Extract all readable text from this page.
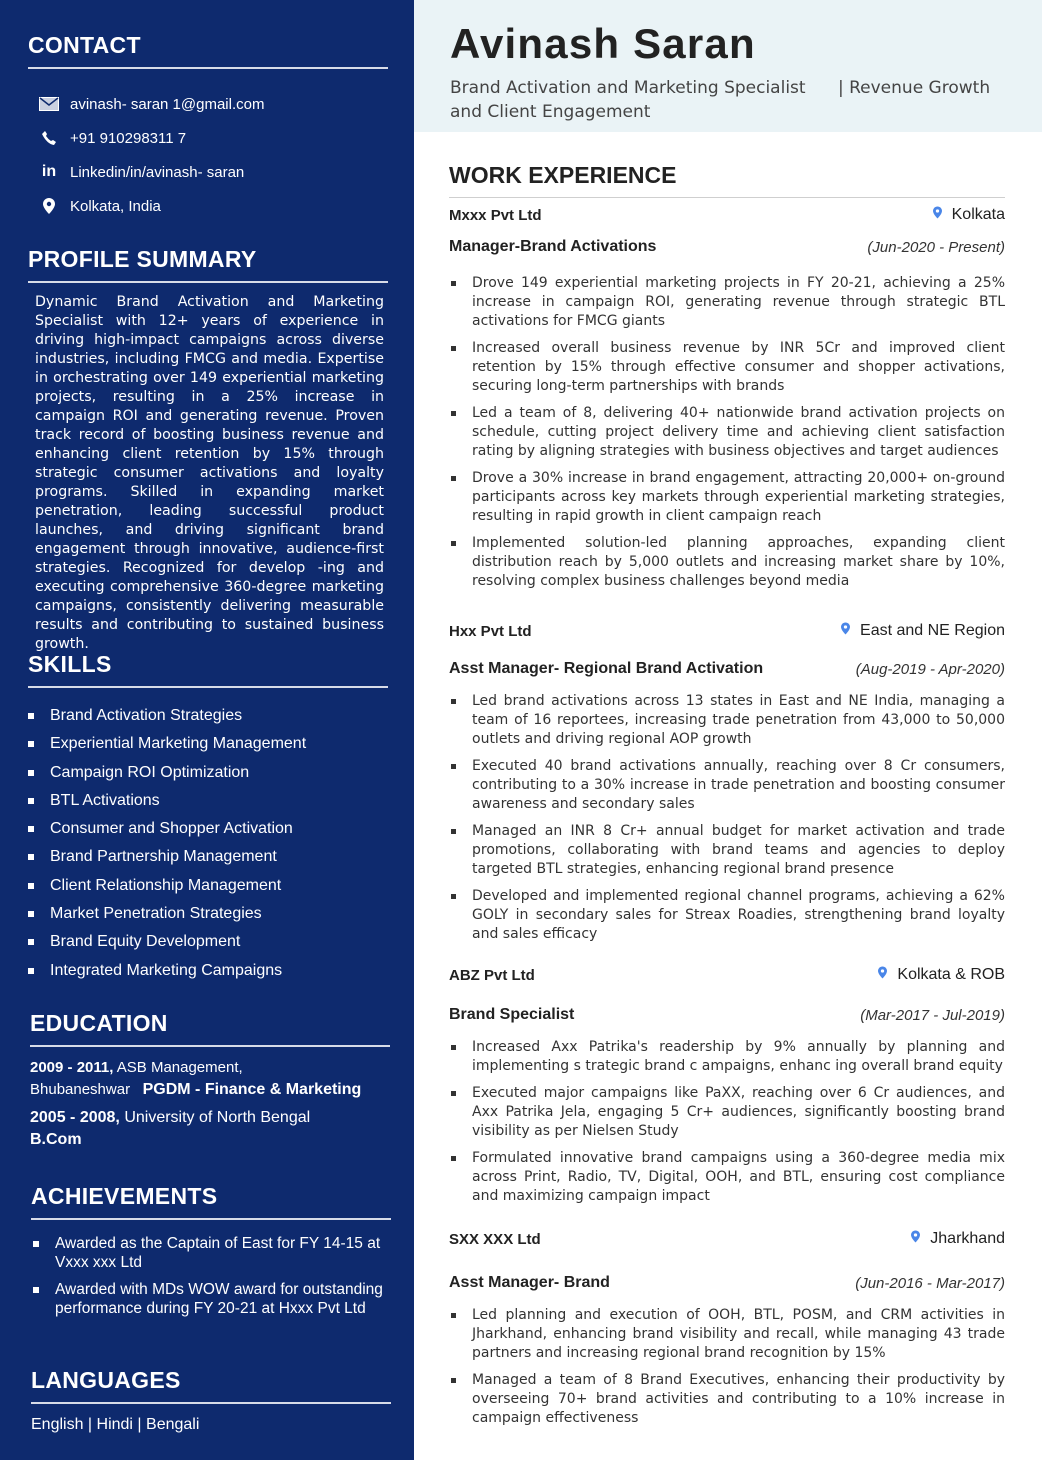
CONTACT
avinash- saran 1@gmail.com
+91 910298311 7
in Linkedin/in/avinash- saran
Kolkata, India
PROFILE SUMMARY

Dynamic Brand Activation and Marketing Specialist with 12+ years of experience in driving high-impact campaigns across diverse industries, including FMCG and media. Expertise in orchestrating over 149 experiential marketing projects, resulting in a 25% increase in campaign ROI and generating revenue. Proven track record of boosting business revenue and enhancing client retention by 15% through strategic consumer activations and loyalty programs. Skilled in expanding market penetration, leading successful product launches, and driving significant brand engagement through innovative, audience-first strategies. Recognized for develop -ing and executing comprehensive 360-degree marketing campaigns, consistently delivering measurable results and contributing to sustained business growth.

SKILLS
Brand Activation Strategies
Experiential Marketing Management
Campaign ROI Optimization
BTL Activations
Consumer and Shopper Activation
Brand Partnership Management
Client Relationship Management
Market Penetration Strategies
Brand Equity Development
Integrated Marketing Campaigns
EDUCATION
2009 - 2011, ASB Management,
Bhubaneshwar PGDM - Finance & Marketing
2005 - 2008, University of North Bengal
B.Com
ACHIEVEMENTS
Awarded as the Captain of East for FY 14-15 at Vxxx xxx Ltd
Awarded with MDs WOW award for outstanding performance during FY 20-21 at Hxxx Pvt Ltd
LANGUAGES

English | Hindi | Bengali

Avinash Saran

Brand Activation and Marketing Specialist      | Revenue Growth and Client Engagement

WORK EXPERIENCE
Mxxx Pvt Ltd	Kolkata
Manager-Brand Activations	(Jun-2020 - Present)
Drove 149 experiential marketing projects in FY 20-21, achieving a 25% increase in campaign ROI, generating revenue through strategic BTL activations for FMCG giants
Increased overall business revenue by INR 5Cr and improved client retention by 15% through effective consumer and shopper activations, securing long-term partnerships with brands
Led a team of 8, delivering 40+ nationwide brand activation projects on schedule, cutting project delivery time and achieving client satisfaction rating by aligning strategies with business objectives and target audiences
Drove a 30% increase in brand engagement, attracting 20,000+ on-ground participants across key markets through experiential marketing strategies, resulting in rapid growth in client campaign reach
Implemented solution-led planning approaches, expanding client distribution reach by 5,000 outlets and increasing market share by 10%, resolving complex business challenges beyond media
Hxx Pvt Ltd	East and NE Region
Asst Manager- Regional Brand Activation	(Aug-2019 - Apr-2020)
Led brand activations across 13 states in East and NE India, managing a team of 16 reportees, increasing trade penetration from 43,000 to 50,000 outlets and driving regional AOP growth
Executed 40 brand activations annually, reaching over 8 Cr consumers, contributing to a 30% increase in trade penetration and boosting consumer awareness and secondary sales
Managed an INR 8 Cr+ annual budget for market activation and trade promotions, collaborating with brand teams and agencies to deploy targeted BTL strategies, enhancing regional brand presence
Developed and implemented regional channel programs, achieving a 62% GOLY in secondary sales for Streax Roadies, strengthening brand loyalty and sales efficacy
ABZ Pvt Ltd	Kolkata & ROB
Brand Specialist	(Mar-2017 - Jul-2019)
Increased Axx Patrika's readership by 9% annually by planning and implementing s trategic brand c ampaigns, enhanc ing overall brand equity
Executed major campaigns like PaXX, reaching over 6 Cr audiences, and Axx Patrika Jela, engaging 5 Cr+ audiences, significantly boosting brand visibility as per Nielsen Study
Formulated innovative brand campaigns using a 360-degree media mix across Print, Radio, TV, Digital, OOH, and BTL, ensuring cost compliance and maximizing campaign impact
SXX XXX Ltd	Jharkhand
Asst Manager- Brand	(Jun-2016 - Mar-2017)
Led planning and execution of OOH, BTL, POSM, and CRM activities in Jharkhand, enhancing brand visibility and recall, while managing 43 trade partners and increasing regional brand recognition by 15%
Managed a team of 8 Brand Executives, enhancing their productivity by overseeing 70+ brand activities and contributing to a 10% increase in campaign effectiveness
